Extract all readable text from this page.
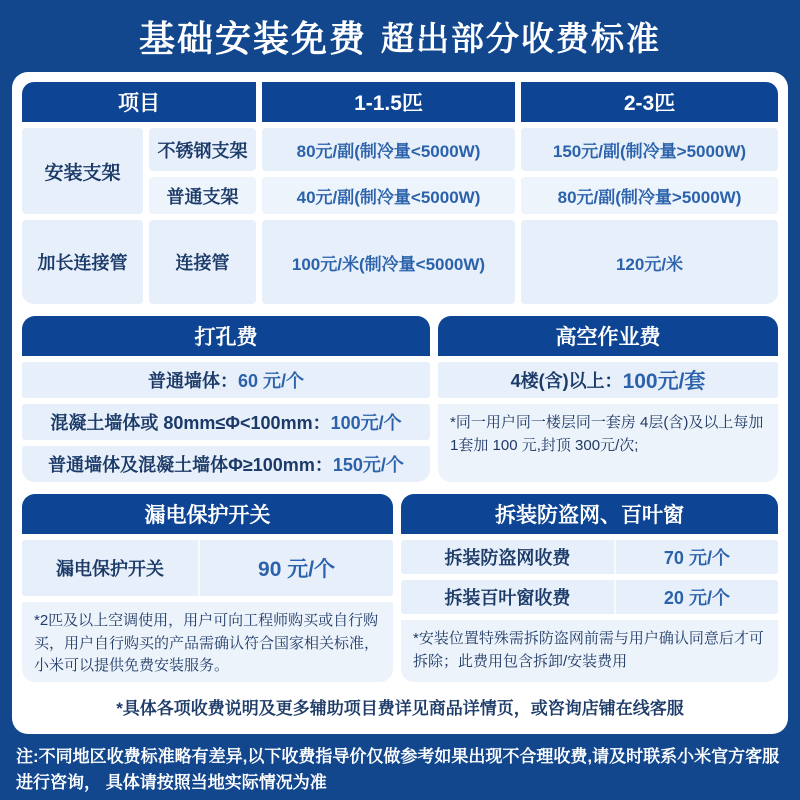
基础安装免费 超出部分收费标准
项目	1-1.5匹	2-3匹
安装支架
不锈钢支架	80元/副(制冷量<5000W)	150元/副(制冷量>5000W)
普通支架	40元/副(制冷量<5000W)	80元/副(制冷量>5000W)
加长连接管	连接管	100元/米(制冷量<5000W)	120元/米
打孔费
普通墙体： 60 元/个
混凝土墙体或 80mm≤Φ<100mm： 100元/个
普通墙体及混凝土墙体Φ≥100mm： 150元/个
高空作业费
4楼(含)以上： 100元/套
*同一用户同一楼层同一套房 4层(含)及以上每加1套加 100 元,封顶 300元/次;
漏电保护开关
漏电保护开关	90 元/个
*2匹及以上空调使用，用户可向工程师购买或自行购买，用户自行购买的产品需确认符合国家相关标准，小米可以提供免费安装服务。
拆装防盗网、百叶窗
拆装防盗网收费	70 元/个
拆装百叶窗收费	20 元/个
*安装位置特殊需拆防盗网前需与用户确认同意后才可拆除；此费用包含拆卸/安装费用
*具体各项收费说明及更多辅助项目费详见商品详情页，或咨询店铺在线客服
注:不同地区收费标准略有差异,以下收费指导价仅做参考如果出现不合理收费,请及时联系小米官方客服进行咨询， 具体请按照当地实际情况为准
